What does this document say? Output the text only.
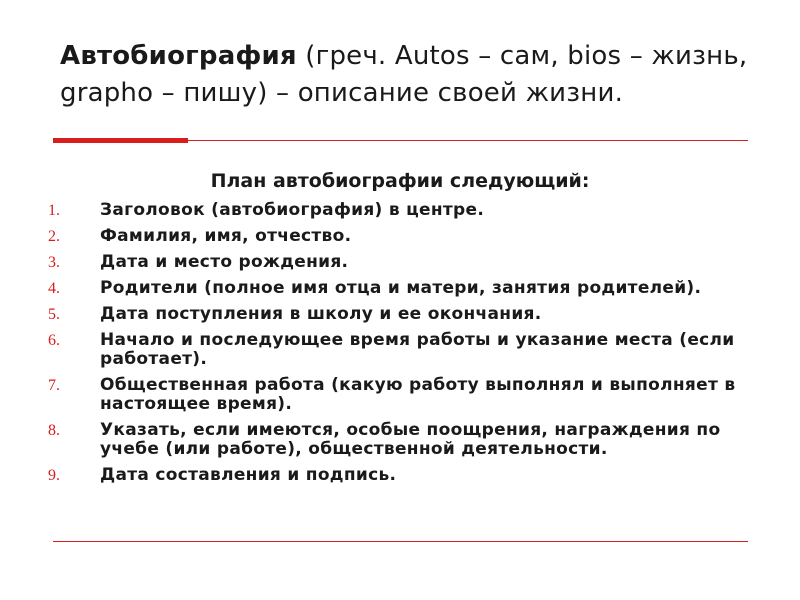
Автобиография (греч. Autos – сам, bios – жизнь, grapho – пишу) – описание своей жизни.
План автобиографии следующий:
1. Заголовок (автобиография) в центре.
2. Фамилия, имя, отчество.
3. Дата и место рождения.
4. Родители (полное имя отца и матери, занятия родителей).
5. Дата поступления в школу и ее окончания.
6. Начало и последующее время работы и указание места (если работает).
7. Общественная работа (какую работу выполнял и выполняет в настоящее время).
8. Указать, если имеются, особые поощрения, награждения по учебе (или работе), общественной деятельности.
9. Дата составления и подпись.
